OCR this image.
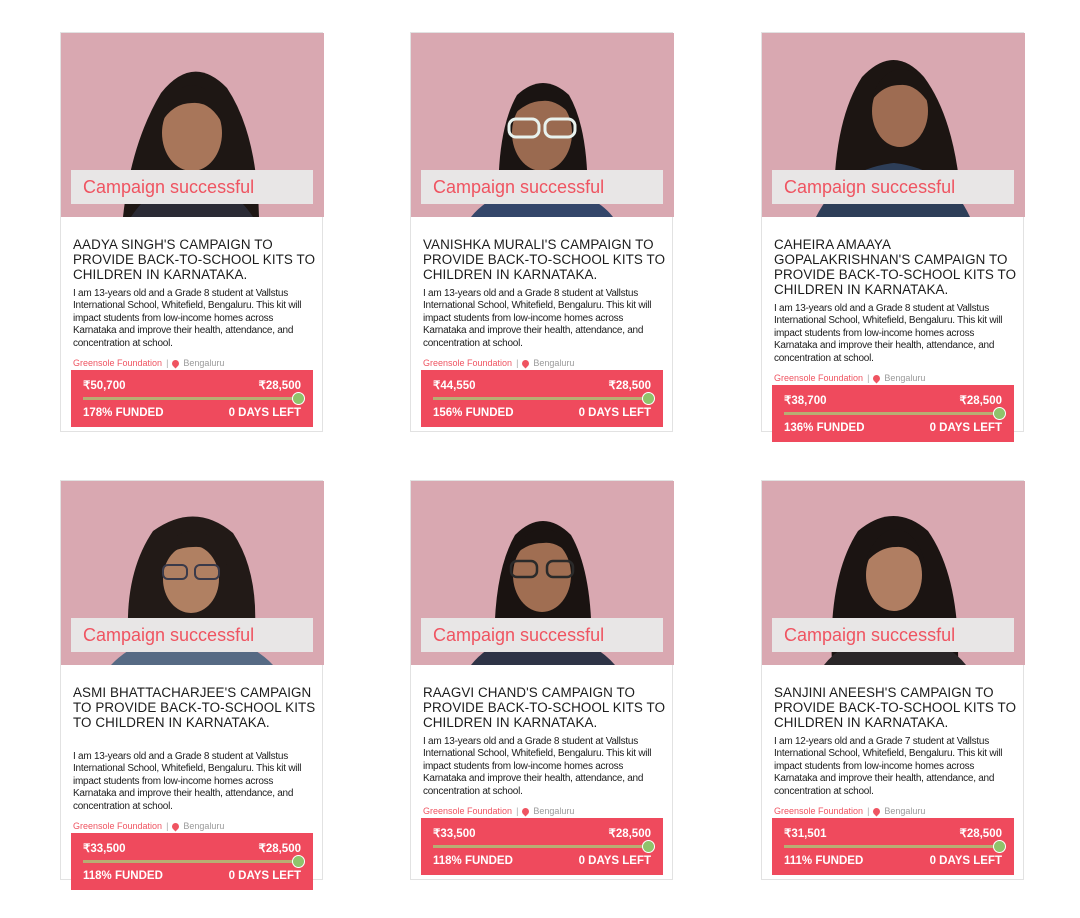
Campaign successful
AADYA SINGH'S CAMPAIGN TO PROVIDE BACK-TO-SCHOOL KITS TO CHILDREN IN KARNATAKA.
I am 13-years old and a Grade 8 student at Vallstus International School, Whitefield, Bengaluru. This kit will impact students from low-income homes across Karnataka and improve their health, attendance, and concentration at school.
Greensole Foundation | Bengaluru
₹50,700	₹28,500
178% FUNDED	0 DAYS LEFT
Campaign successful
VANISHKA MURALI'S CAMPAIGN TO PROVIDE BACK-TO-SCHOOL KITS TO CHILDREN IN KARNATAKA.
I am 13-years old and a Grade 8 student at Vallstus International School, Whitefield, Bengaluru. This kit will impact students from low-income homes across Karnataka and improve their health, attendance, and concentration at school.
Greensole Foundation | Bengaluru
₹44,550	₹28,500
156% FUNDED	0 DAYS LEFT
Campaign successful
CAHEIRA AMAAYA GOPALAKRISHNAN'S CAMPAIGN TO PROVIDE BACK-TO-SCHOOL KITS TO CHILDREN IN KARNATAKA.
I am 13-years old and a Grade 8 student at Vallstus International School, Whitefield, Bengaluru. This kit will impact students from low-income homes across Karnataka and improve their health, attendance, and concentration at school.
Greensole Foundation | Bengaluru
₹38,700	₹28,500
136% FUNDED	0 DAYS LEFT
Campaign successful
ASMI BHATTACHARJEE'S CAMPAIGN TO PROVIDE BACK-TO-SCHOOL KITS TO CHILDREN IN KARNATAKA.
I am 13-years old and a Grade 8 student at Vallstus International School, Whitefield, Bengaluru. This kit will impact students from low-income homes across Karnataka and improve their health, attendance, and concentration at school.
Greensole Foundation | Bengaluru
₹33,500	₹28,500
118% FUNDED	0 DAYS LEFT
Campaign successful
RAAGVI CHAND'S CAMPAIGN TO PROVIDE BACK-TO-SCHOOL KITS TO CHILDREN IN KARNATAKA.
I am 13-years old and a Grade 8 student at Vallstus International School, Whitefield, Bengaluru. This kit will impact students from low-income homes across Karnataka and improve their health, attendance, and concentration at school.
Greensole Foundation | Bengaluru
₹33,500	₹28,500
118% FUNDED	0 DAYS LEFT
Campaign successful
SANJINI ANEESH'S CAMPAIGN TO PROVIDE BACK-TO-SCHOOL KITS TO CHILDREN IN KARNATAKA.
I am 12-years old and a Grade 7 student at Vallstus International School, Whitefield, Bengaluru. This kit will impact students from low-income homes across Karnataka and improve their health, attendance, and concentration at school.
Greensole Foundation | Bengaluru
₹31,501	₹28,500
111% FUNDED	0 DAYS LEFT
